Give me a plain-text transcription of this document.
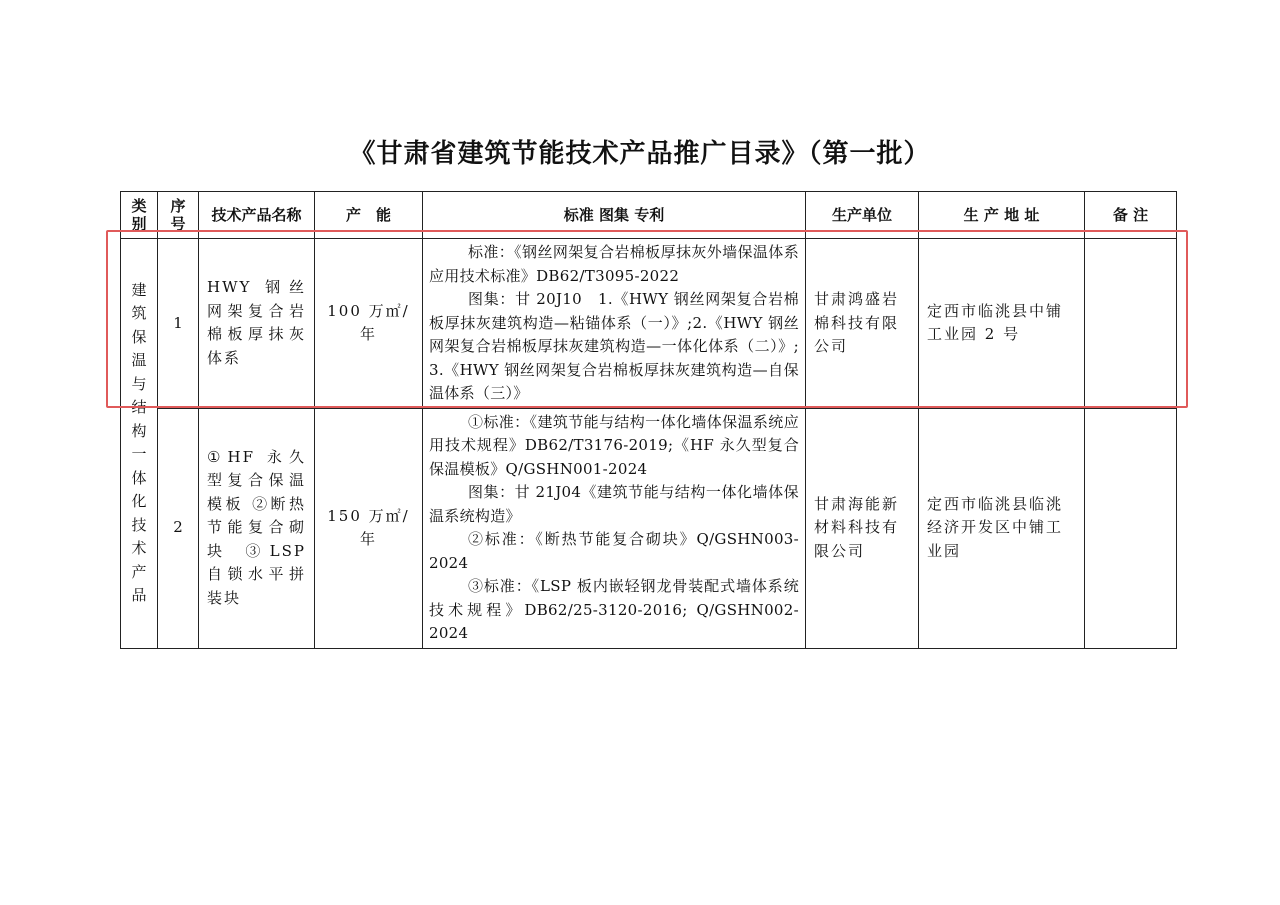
《甘肃省建筑节能技术产品推广目录》（第一批）
类别	序号	技术产品名称	产　能	标准 图集 专利	生产单位	生 产 地 址	备 注
建筑保温与结构一体化技术产品	1	HWY 钢丝网架复合岩棉板厚抹灰体系	100 万㎡/年	标准：《钢丝网架复合岩棉板厚抹灰外墙保温体系应用技术标准》DB62/T3095-2022
图集：甘 20J10　1.《HWY 钢丝网架复合岩棉板厚抹灰建筑构造—粘锚体系（一）》;2.《HWY 钢丝网架复合岩棉板厚抹灰建筑构造—一体化体系（二）》; 3.《HWY 钢丝网架复合岩棉板厚抹灰建筑构造—自保温体系（三）》	甘肃鸿盛岩棉科技有限公司	定西市临洮县中铺工业园 2 号	
	2	①HF 永久型复合保温模板 ②断热节能复合砌块 ③LSP 自锁水平拼装块	150 万㎡/年	①标准：《建筑节能与结构一体化墙体保温系统应用技术规程》DB62/T3176-2019;《HF 永久型复合保温模板》Q/GSHN001-2024
图集：甘 21J04《建筑节能与结构一体化墙体保温系统构造》
②标准：《断热节能复合砌块》Q/GSHN003-2024
③标准：《LSP 板内嵌轻钢龙骨装配式墙体系统技术规程》DB62/25-3120-2016; Q/GSHN002-2024	甘肃海能新材料科技有限公司	定西市临洮县临洮经济开发区中铺工业园	
